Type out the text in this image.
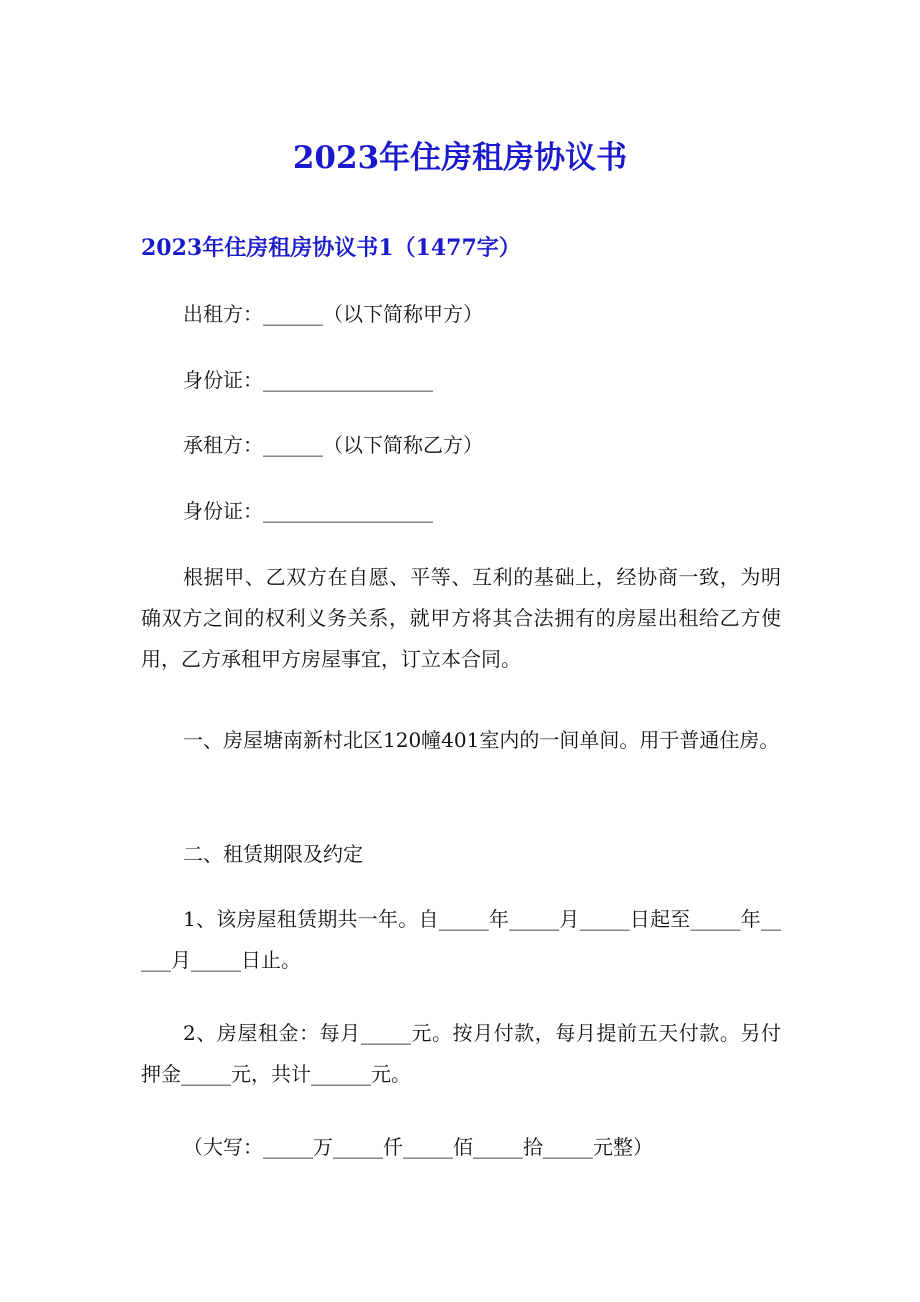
2023年住房租房协议书
2023年住房租房协议书1（1477字）

出租方：______（以下简称甲方）

身份证：_________________

承租方：______（以下简称乙方）

身份证：_________________

根据甲、乙双方在自愿、平等、互利的基础上，经协商一致，为明确双方之间的权利义务关系，就甲方将其合法拥有的房屋出租给乙方使用，乙方承租甲方房屋事宜，订立本合同。

一、房屋塘南新村北区120幢401室内的一间单间。用于普通住房。

二、租赁期限及约定

1、该房屋租赁期共一年。自_____年_____月_____日起至_____年_____月_____日止。

2、房屋租金：每月_____元。按月付款，每月提前五天付款。另付押金_____元，共计______元。

（大写：_____万_____仟_____佰_____拾_____元整）
